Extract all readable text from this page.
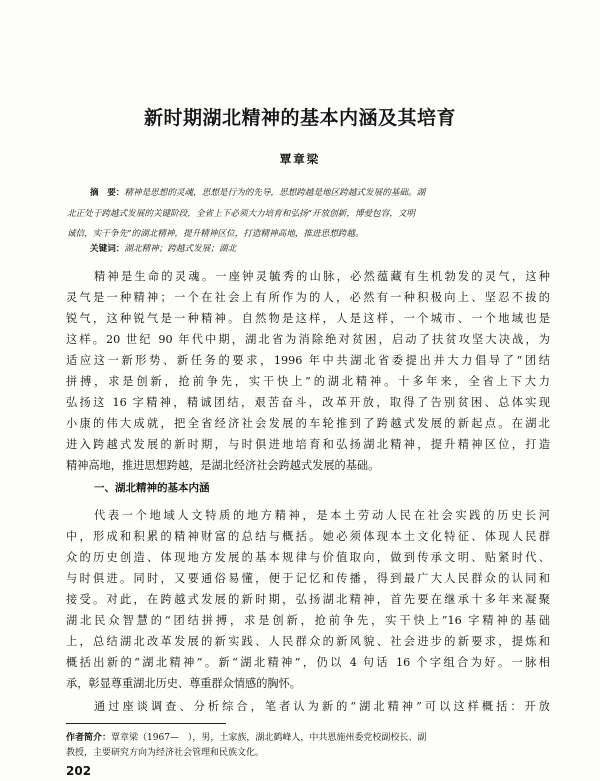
新时期湖北精神的基本内涵及其培育
覃章梁
摘　要：精神是思想的灵魂，思想是行为的先导，思想跨越是地区跨越式发展的基础。湖
北正处于跨越式发展的关键阶段，全省上下必须大力培育和弘扬“开放创新，博爱包容，文明
诚信，实干争先”的湖北精神，提升精神区位，打造精神高地，推进思想跨越。
关键词：湖北精神；跨越式发展；湖北
精神是生命的灵魂。一座钟灵毓秀的山脉，必然蕴藏有生机勃发的灵气，这种
灵气是一种精神；一个在社会上有所作为的人，必然有一种积极向上、坚忍不拔的
锐气，这种锐气是一种精神。自然物是这样，人是这样，一个城市、一个地域也是
这样。20 世纪 90 年代中期，湖北省为消除绝对贫困，启动了扶贫攻坚大决战，为
适应这一新形势、新任务的要求，1996 年中共湖北省委提出并大力倡导了“团结
拼搏，求是创新，抢前争先，实干快上”的湖北精神。十多年来，全省上下大力
弘扬这 16 字精神，精诚团结，艰苦奋斗，改革开放，取得了告别贫困、总体实现
小康的伟大成就，把全省经济社会发展的车轮推到了跨越式发展的新起点。在湖北
进入跨越式发展的新时期，与时俱进地培育和弘扬湖北精神，提升精神区位，打造
精神高地，推进思想跨越，是湖北经济社会跨越式发展的基础。
一、湖北精神的基本内涵
代表一个地域人文特质的地方精神，是本土劳动人民在社会实践的历史长河
中，形成和积累的精神财富的总结与概括。她必须体现本土文化特征、体现人民群
众的历史创造、体现地方发展的基本规律与价值取向，做到传承文明、贴紧时代、
与时俱进。同时，又要通俗易懂，便于记忆和传播，得到最广大人民群众的认同和
接受。对此，在跨越式发展的新时期，弘扬湖北精神，首先要在继承十多年来凝聚
湖北民众智慧的“团结拼搏，求是创新，抢前争先，实干快上”16 字精神的基础
上，总结湖北改革发展的新实践、人民群众的新风貌、社会进步的新要求，提炼和
概括出新的“湖北精神”。新“湖北精神”，仍以 4 句话 16 个字组合为好。一脉相
承，彰显尊重湖北历史、尊重群众情感的胸怀。
通过座谈调查、分析综合，笔者认为新的“湖北精神”可以这样概括：开放
作者简介：覃章梁（1967—　），男，土家族，湖北鹤峰人，中共恩施州委党校副校长、副
教授，主要研究方向为经济社会管理和民族文化。
202
